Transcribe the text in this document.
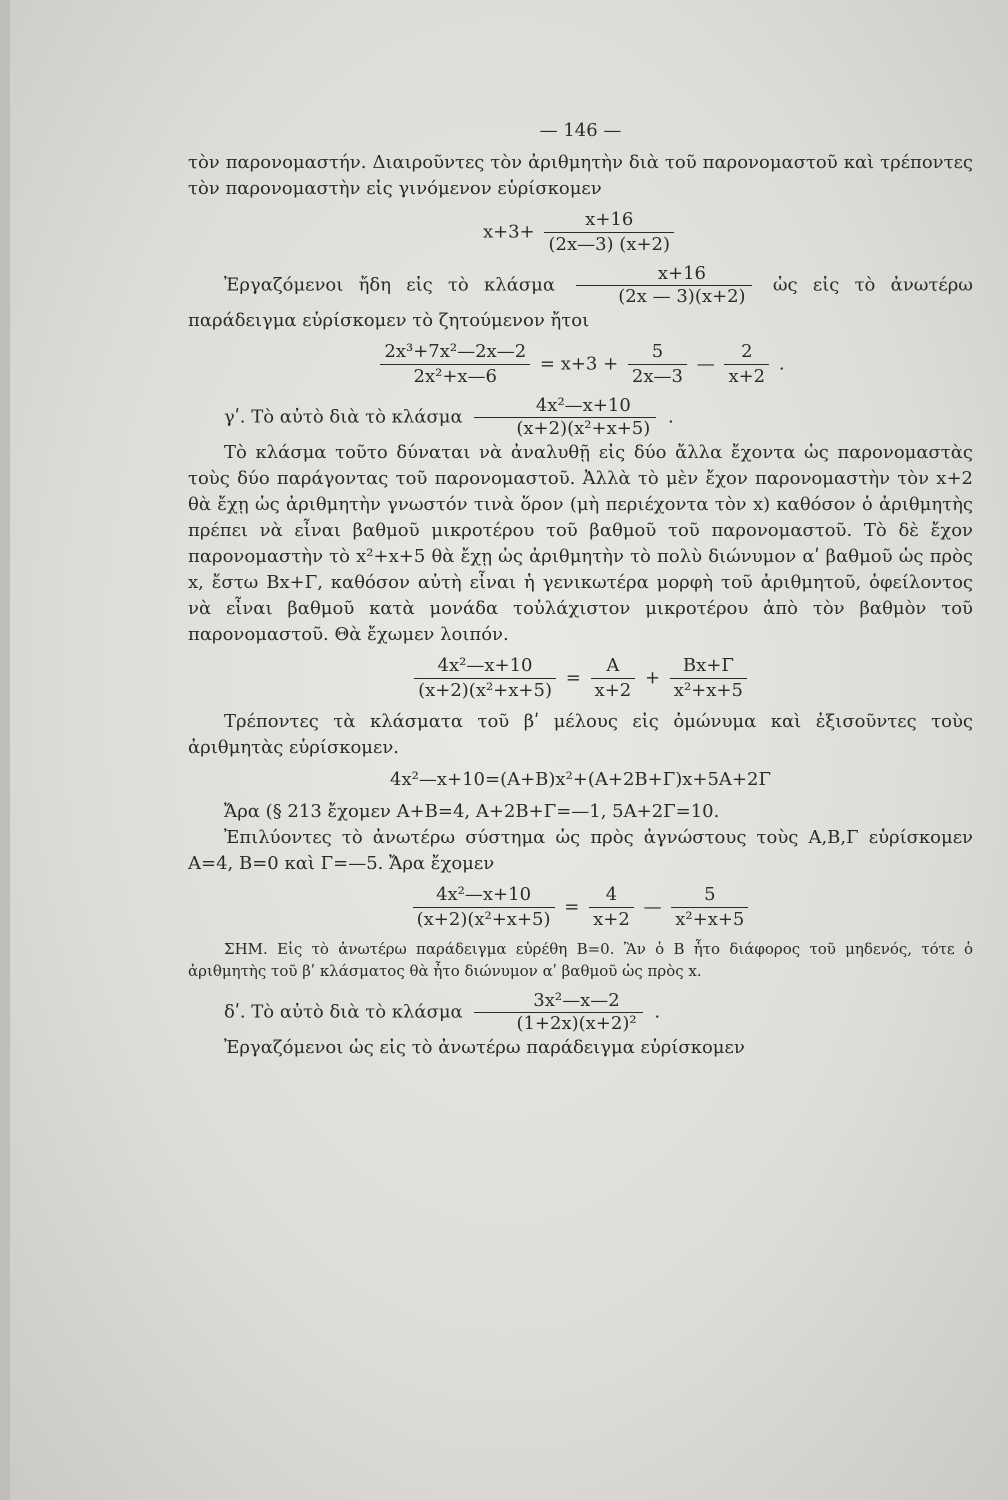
— 146 —

τὸν παρονομαστήν. Διαιροῦντες τὸν ἀριθμητὴν διὰ τοῦ παρονομαστοῦ καὶ τρέποντες τὸν παρονομαστὴν εἰς γινόμενον εὑρίσκομεν

$x+3+ \frac{x+16}{(2x—3) (x+2)}$

Ἐργαζόμενοι ἤδη εἰς τὸ κλάσμα $\frac{x+16}{(2x — 3)(x+2)}$ ὡς εἰς τὸ ἀνωτέρω παράδειγμα εὑρίσκομεν τὸ ζητούμενον ἤτοι

$\frac{\text{2x³+7x²—2x—2}}{\text{2x²+x—6}} = x+3 + \frac{5}{2x—3}$ — $\frac{2}{x+2}$ .

γʹ. Τὸ αὐτὸ διὰ τὸ κλάσμα $\frac{\text{4x²—x+10}}{\text{(x+2)(x²+x+5)}}$ .

Τὸ κλάσμα τοῦτο δύναται νὰ ἀναλυθῇ εἰς δύο ἄλλα ἔχοντα ὡς παρονομαστὰς τοὺς δύο παράγοντας τοῦ παρονομαστοῦ. Ἀλλὰ τὸ μὲν ἔχον παρονομαστὴν τὸν x+2 θὰ ἔχῃ ὡς ἀριθμητὴν γνωστόν τινὰ ὅρον (μὴ περιέχοντα τὸν x) καθόσον ὁ ἀριθμητὴς πρέπει νὰ εἶναι βαθμοῦ μικροτέρου τοῦ βαθμοῦ τοῦ παρονομαστοῦ. Τὸ δὲ ἔχον παρονομαστὴν τὸ x²+x+5 θὰ ἔχῃ ὡς ἀριθμητὴν τὸ πολὺ διώνυμον αʹ βαθμοῦ ὡς πρὸς x, ἔστω Bx+Γ, καθόσον αὐτὴ εἶναι ἡ γενικωτέρα μορφὴ τοῦ ἀριθμητοῦ, ὀφείλοντος νὰ εἶναι βαθμοῦ κατὰ μονάδα τοὐλάχιστον μικροτέρου ἀπὸ τὸν βαθμὸν τοῦ παρονομαστοῦ. Θὰ ἔχωμεν λοιπόν.

$\frac{\text{4x²—x+10}}{\text{(x+2)(x²+x+5)}} = \frac{A}{x+2} + \frac{Bx+\Gamma}{\text{x²+x+5}}$

Τρέποντες τὰ κλάσματα τοῦ βʹ μέλους εἰς ὁμώνυμα καὶ ἐξισοῦντες τοὺς ἀριθμητὰς εὑρίσκομεν.

4x²—x+10=(A+B)x²+(A+2B+Γ)x+5A+2Γ

Ἄρα (§ 213 ἔχομεν A+B=4, A+2B+Γ=—1, 5A+2Γ=10.

Ἐπιλύοντες τὸ ἀνωτέρω σύστημα ὡς πρὸς ἀγνώστους τοὺς A,B,Γ εὑρίσκομεν A=4, B=0 καὶ Γ=—5. Ἄρα ἔχομεν

$\frac{\text{4x²—x+10}}{\text{(x+2)(x²+x+5)}} = \frac{4}{x+2}$ — $\frac{5}{\text{x²+x+5}}$

ΣΗΜ. Εἰς τὸ ἀνωτέρω παράδειγμα εὑρέθη B=0. Ἂν ὁ B ἦτο διάφορος τοῦ μηδενός, τότε ὁ ἀριθμητὴς τοῦ βʹ κλάσματος θὰ ἦτο διώνυμον αʹ βαθμοῦ ὡς πρὸς x.

δʹ. Τὸ αὐτὸ διὰ τὸ κλάσμα $\frac{\text{3x²—x—2}}{\text{(1+2x)(x+2)²}}$ .

Ἐργαζόμενοι ὡς εἰς τὸ ἀνωτέρω παράδειγμα εὑρίσκομεν
